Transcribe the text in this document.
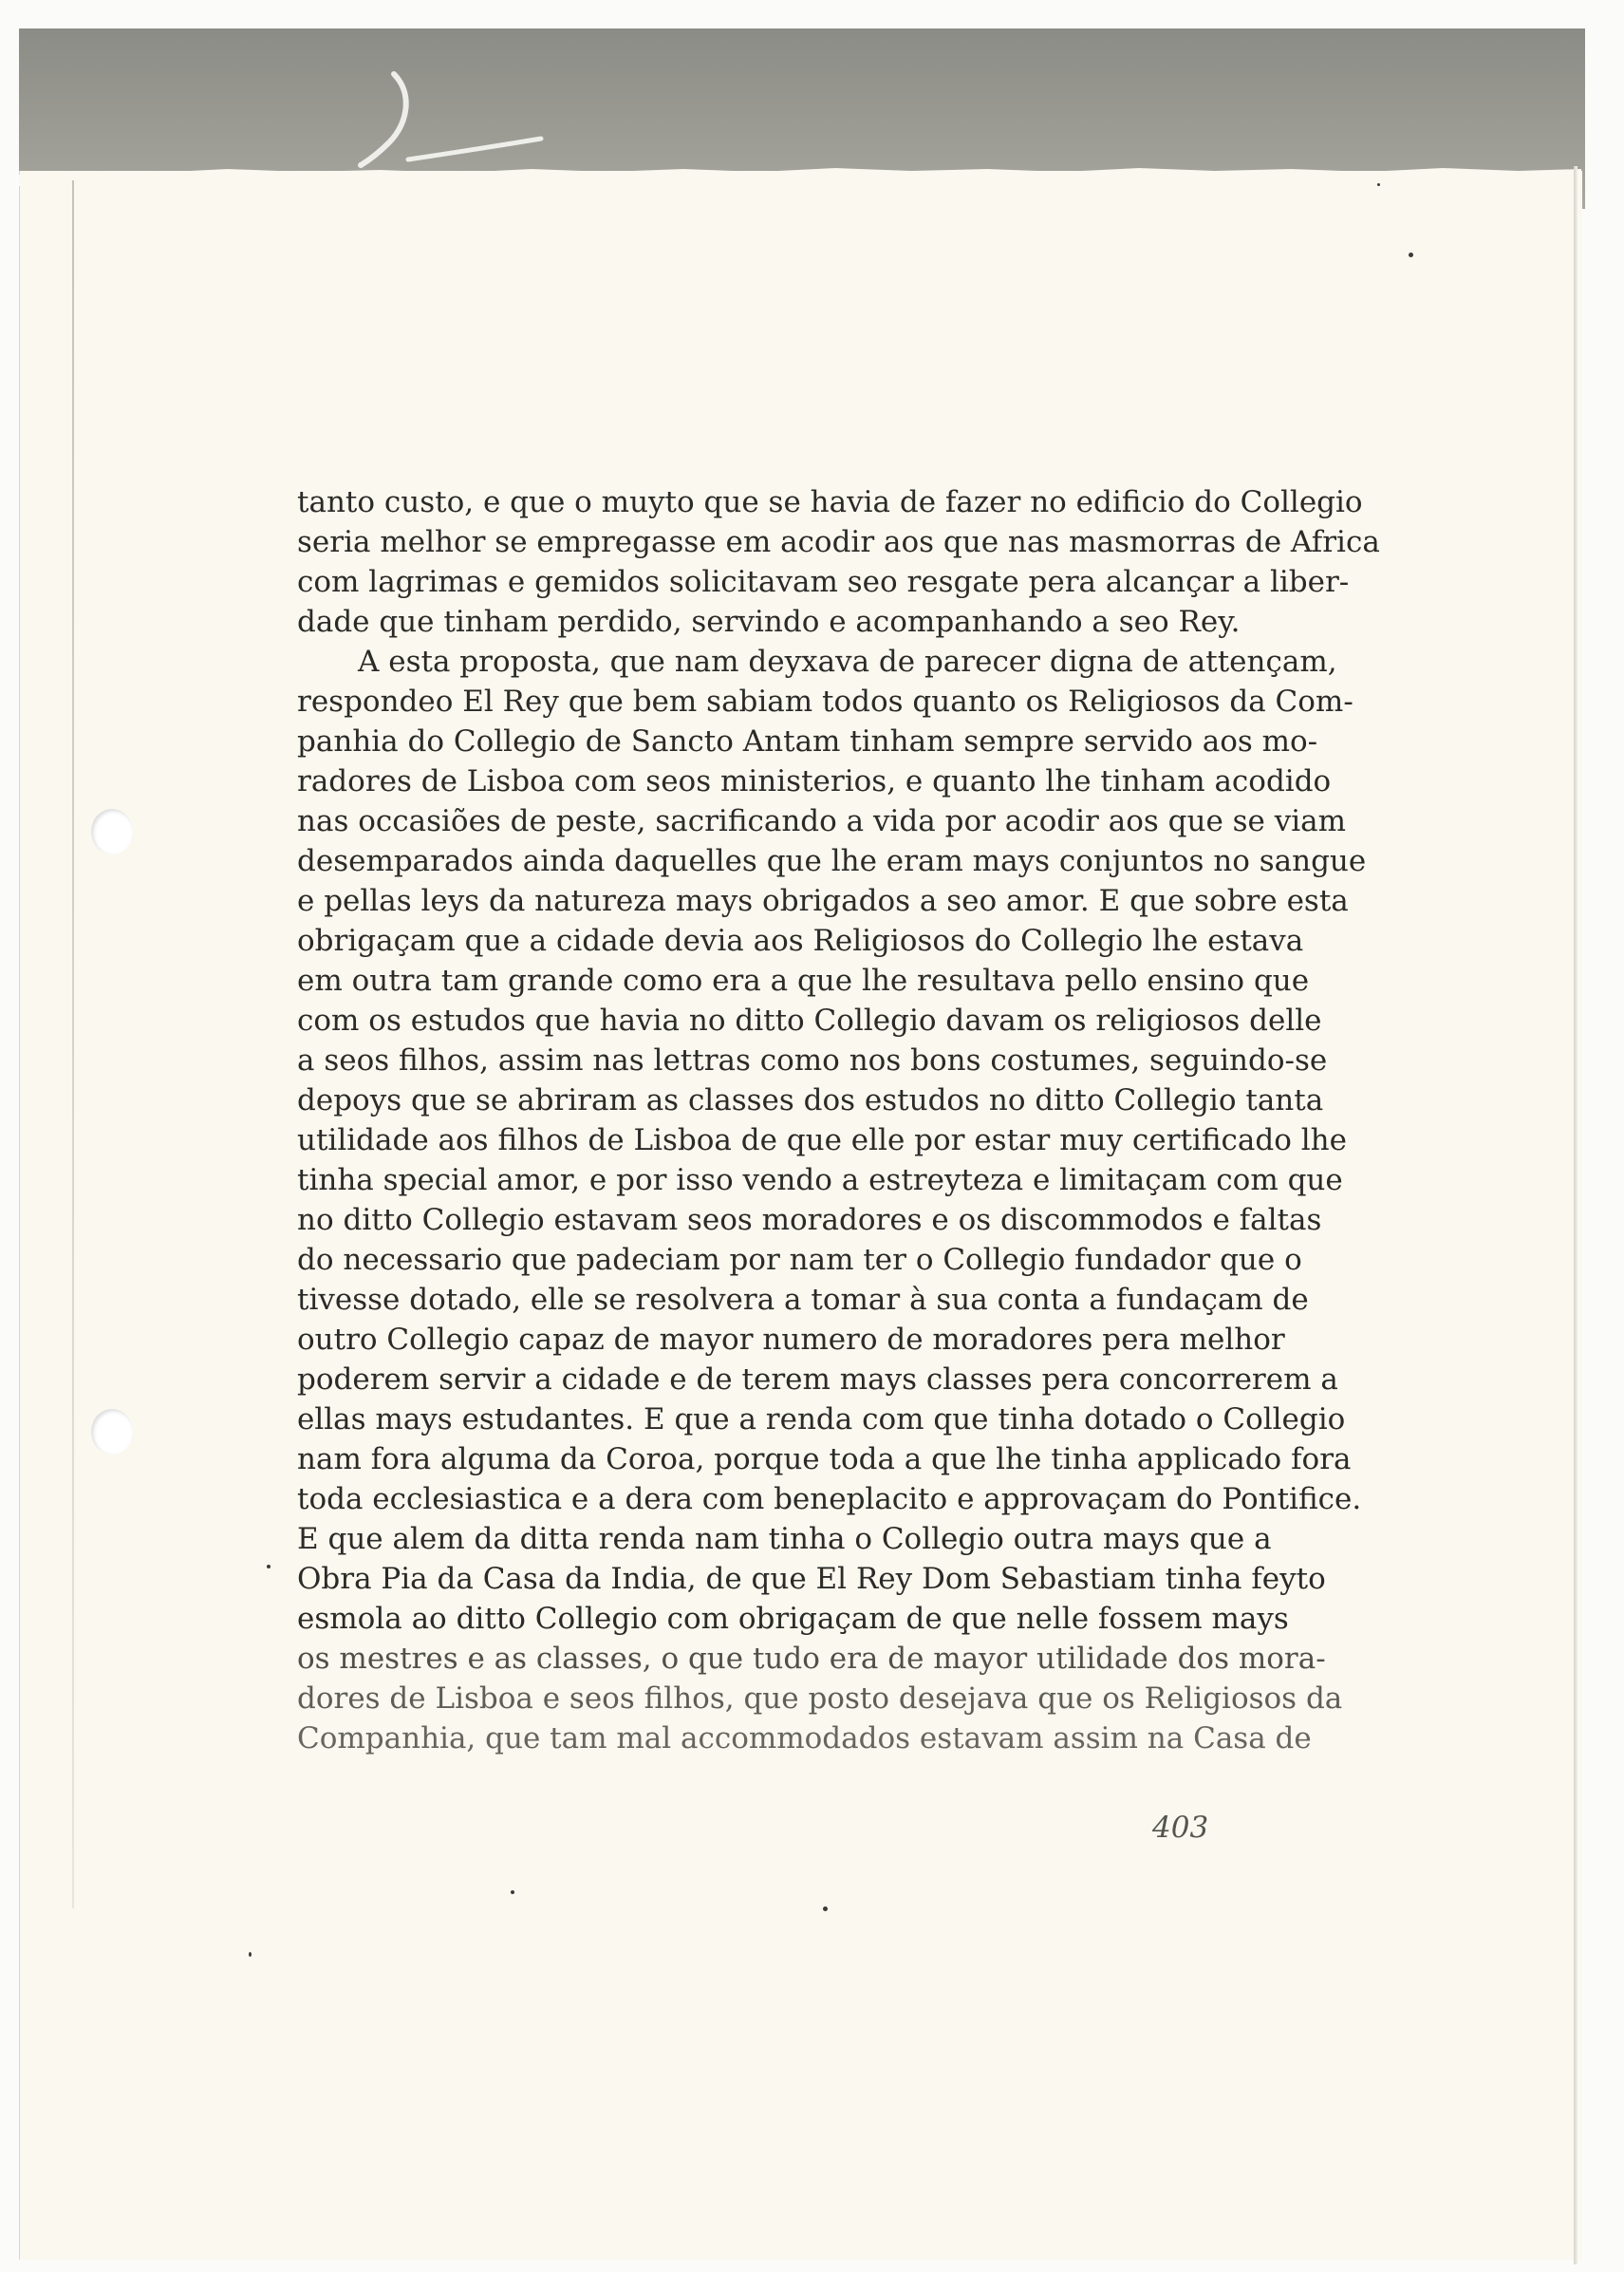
tanto custo, e que o muyto que se havia de fazer no edificio do Collegio
seria melhor se empregasse em acodir aos que nas masmorras de Africa
com lagrimas e gemidos solicitavam seo resgate pera alcançar a liber-
dade que tinham perdido, servindo e acompanhando a seo Rey.

A esta proposta, que nam deyxava de parecer digna de attençam,
respondeo El Rey que bem sabiam todos quanto os Religiosos da Com-
panhia do Collegio de Sancto Antam tinham sempre servido aos mo-
radores de Lisboa com seos ministerios, e quanto lhe tinham acodido
nas occasiões de peste, sacrificando a vida por acodir aos que se viam
desemparados ainda daquelles que lhe eram mays conjuntos no sangue
e pellas leys da natureza mays obrigados a seo amor. E que sobre esta
obrigaçam que a cidade devia aos Religiosos do Collegio lhe estava
em outra tam grande como era a que lhe resultava pello ensino que
com os estudos que havia no ditto Collegio davam os religiosos delle
a seos filhos, assim nas lettras como nos bons costumes, seguindo-se
depoys que se abriram as classes dos estudos no ditto Collegio tanta
utilidade aos filhos de Lisboa de que elle por estar muy certificado lhe
tinha special amor, e por isso vendo a estreyteza e limitaçam com que
no ditto Collegio estavam seos moradores e os discommodos e faltas
do necessario que padeciam por nam ter o Collegio fundador que o
tivesse dotado, elle se resolvera a tomar à sua conta a fundaçam de
outro Collegio capaz de mayor numero de moradores pera melhor
poderem servir a cidade e de terem mays classes pera concorrerem a
ellas mays estudantes. E que a renda com que tinha dotado o Collegio
nam fora alguma da Coroa, porque toda a que lhe tinha applicado fora
toda ecclesiastica e a dera com beneplacito e approvaçam do Pontifice.
E que alem da ditta renda nam tinha o Collegio outra mays que a
Obra Pia da Casa da India, de que El Rey Dom Sebastiam tinha feyto
esmola ao ditto Collegio com obrigaçam de que nelle fossem mays
os mestres e as classes, o que tudo era de mayor utilidade dos mora-
dores de Lisboa e seos filhos, que posto desejava que os Religiosos da
Companhia, que tam mal accommodados estavam assim na Casa de

403
